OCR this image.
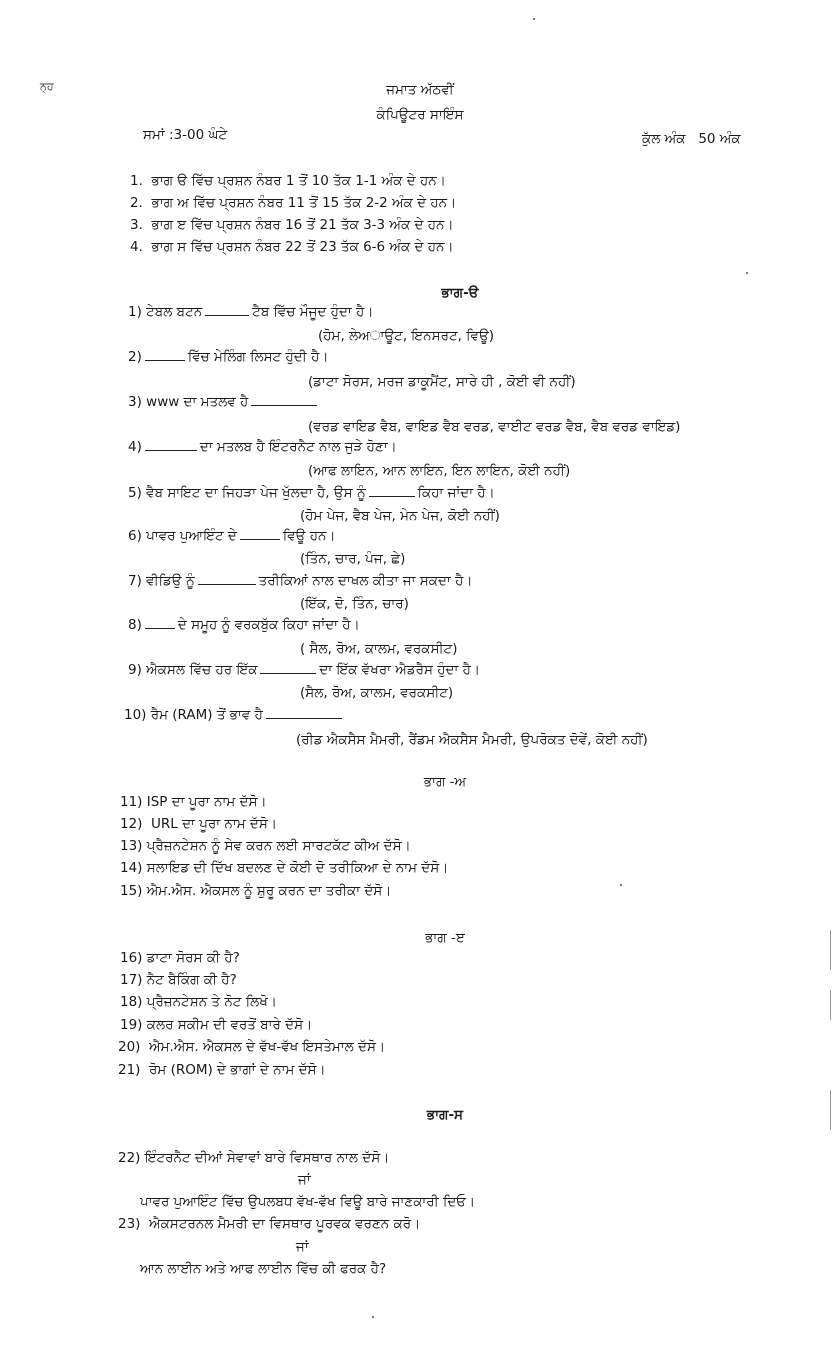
ਨ੍ਹ	ਜਮਾਤ ਅੱਠਵੀਂ
ਕੰਪਿਊਟਰ ਸਾਇੰਸ
ਸਮਾਂ :3-00 ਘੰਟੇ	ਕੁੱਲ ਅੰਕ   50 ਅੰਕ
1.  ਭਾਗ ੳ ਵਿੱਚ ਪ੍ਰਸ਼ਨ ਨੰਬਰ 1 ਤੋਂ 10 ਤੱਕ 1-1 ਅੰਕ ਦੇ ਹਨ।
2.  ਭਾਗ ਅ ਵਿੱਚ ਪ੍ਰਸ਼ਨ ਨੰਬਰ 11 ਤੋਂ 15 ਤੱਕ 2-2 ਅੰਕ ਦੇ ਹਨ।
3.  ਭਾਗ ੲ ਵਿੱਚ ਪ੍ਰਸ਼ਨ ਨੰਬਰ 16 ਤੋਂ 21 ਤੱਕ 3-3 ਅੰਕ ਦੇ ਹਨ।
4.  ਭਾਗ ਸ ਵਿੱਚ ਪ੍ਰਸ਼ਨ ਨੰਬਰ 22 ਤੋਂ 23 ਤੱਕ 6-6 ਅੰਕ ਦੇ ਹਨ।
ਭਾਗ-ੳ
1) ਟੇਬਲ ਬਟਨ	ਟੈਬ ਵਿੱਚ ਮੌਜੂਦ ਹੁੰਦਾ ਹੈ।
(ਹੋਮ, ਲੇਅਾਊਟ, ਇਨਸਰਟ, ਵਿਊ)
2)	ਵਿੱਚ ਮੇਲਿੰਗ ਲਿਸਟ ਹੁੰਦੀ ਹੈ।
(ਡਾਟਾ ਸੋਰਸ, ਮਰਜ ਡਾਕੂਮੈਂਟ, ਸਾਰੇ ਹੀ , ਕੋਈ ਵੀ ਨਹੀਂ)
3) www ਦਾ ਮਤਲਵ ਹੈ
(ਵਰਡ ਵਾਇਡ ਵੈਬ, ਵਾਇਡ ਵੈਬ ਵਰਡ, ਵਾਈਟ ਵਰਡ ਵੈਬ, ਵੈਬ ਵਰਡ ਵਾਇਡ)
4)	ਦਾ ਮਤਲਬ ਹੈ ਇੰਟਰਨੈਟ ਨਾਲ ਜੁੜੇ ਹੋਣਾ।
(ਆਫ ਲਾਇਨ, ਆਨ ਲਾਇਨ, ਇਨ ਲਾਇਨ, ਕੋਈ ਨਹੀਂ)
5) ਵੈਬ ਸਾਇਟ ਦਾ ਜਿਹੜਾ ਪੇਜ ਖੁੱਲਦਾ ਹੈ, ਉਸ ਨੂੰ	ਕਿਹਾ ਜਾਂਦਾ ਹੈ।
(ਹੋਮ ਪੇਜ, ਵੈਬ ਪੇਜ, ਮੇਨ ਪੇਜ, ਕੋਈ ਨਹੀਂ)
6) ਪਾਵਰ ਪੁਆਇੰਟ ਦੇ	ਵਿਊ ਹਨ।
(ਤਿੰਨ, ਚਾਰ, ਪੰਜ, ਛੇ)
7) ਵੀਡਿਉ ਨੂੰ	ਤਰੀਕਿਆਂ ਨਾਲ ਦਾਖਲ ਕੀਤਾ ਜਾ ਸਕਦਾ ਹੈ।
(ਇੱਕ, ਦੋ, ਤਿੰਨ, ਚਾਰ)
8)	ਦੇ ਸਮੂਹ ਨੂੰ ਵਰਕਬੁੱਕ ਕਿਹਾ ਜਾਂਦਾ ਹੈ।
( ਸੈਲ, ਰੋਅ, ਕਾਲਮ, ਵਰਕਸੀਟ)
9) ਐਕਸਲ ਵਿੱਚ ਹਰ ਇੱਕ	ਦਾ ਇੱਕ ਵੱਖਰਾ ਐਡਰੈਸ ਹੁੰਦਾ ਹੈ।
(ਸੈਲ, ਰੋਅ, ਕਾਲਮ, ਵਰਕਸੀਟ)
10) ਰੈਮ (RAM) ਤੋਂ ਭਾਵ ਹੈ
(ਰੀਡ ਐਕਸੈਸ ਮੈਮਰੀ, ਰੈਂਡਮ ਐਕਸੈਸ ਮੈਮਰੀ, ਉਪਰੋਕਤ ਦੋਵੇਂ, ਕੋਈ ਨਹੀਂ)
ਭਾਗ -ਅ
11) ISP ਦਾ ਪੂਰਾ ਨਾਮ ਦੱਸੋ।
12)  URL ਦਾ ਪੂਰਾ ਨਾਮ ਦੱਸੋ।
13) ਪ੍ਰੈਜ਼ਨਟੇਸ਼ਨ ਨੂੰ ਸੇਵ ਕਰਨ ਲਈ ਸਾਰਟਕੱਟ ਕੀਅ ਦੱਸੋ।
14) ਸਲਾਇਡ ਦੀ ਦਿੱਖ ਬਦਲਣ ਦੇ ਕੋਈ ਦੋ ਤਰੀਕਿਆ ਦੇ ਨਾਮ ਦੱਸੋ।
15) ਐਮ.ਐਸ. ਐਕਸਲ ਨੂੰ ਸ਼ੁਰੂ ਕਰਨ ਦਾ ਤਰੀਕਾ ਦੱਸੋ।
ਭਾਗ -ੲ
16) ਡਾਟਾ ਸੋਰਸ ਕੀ ਹੈ?
17) ਨੈਟ ਬੈਕਿੰਗ ਕੀ ਹੈ?
18) ਪ੍ਰੈਜ਼ਨਟੇਸ਼ਨ ਤੇ ਨੋਟ ਲਿਖੋ।
19) ਕਲਰ ਸਕੀਮ ਦੀ ਵਰਤੋਂ ਬਾਰੇ ਦੱਸੋ।
20)  ਐਮ.ਐਸ. ਐਕਸਲ ਦੇ ਵੱਖ-ਵੱਖ ਇਸਤੇਮਾਲ ਦੱਸੋ।
21)  ਰੋਮ (ROM) ਦੇ ਭਾਗਾਂ ਦੇ ਨਾਮ ਦੱਸੋ।
ਭਾਗ-ਸ
22) ਇੰਟਰਨੈਟ ਦੀਆਂ ਸੇਵਾਵਾਂ ਬਾਰੇ ਵਿਸਥਾਰ ਨਾਲ ਦੱਸੋ।
ਜਾਂ
ਪਾਵਰ ਪੁਆਇੰਟ ਵਿੱਚ ਉਪਲਬਧ ਵੱਖ-ਵੱਖ ਵਿਊ ਬਾਰੇ ਜਾਣਕਾਰੀ ਦਿਓ।
23)  ਐਕਸਟਰਨਲ ਮੈਮਰੀ ਦਾ ਵਿਸਥਾਰ ਪੂਰਵਕ ਵਰਣਨ ਕਰੋ।
ਜਾਂ
ਆਨ ਲਾਈਨ ਅਤੇ ਆਫ ਲਾਈਨ ਵਿੱਚ ਕੀ ਫਰਕ ਹੈ?
